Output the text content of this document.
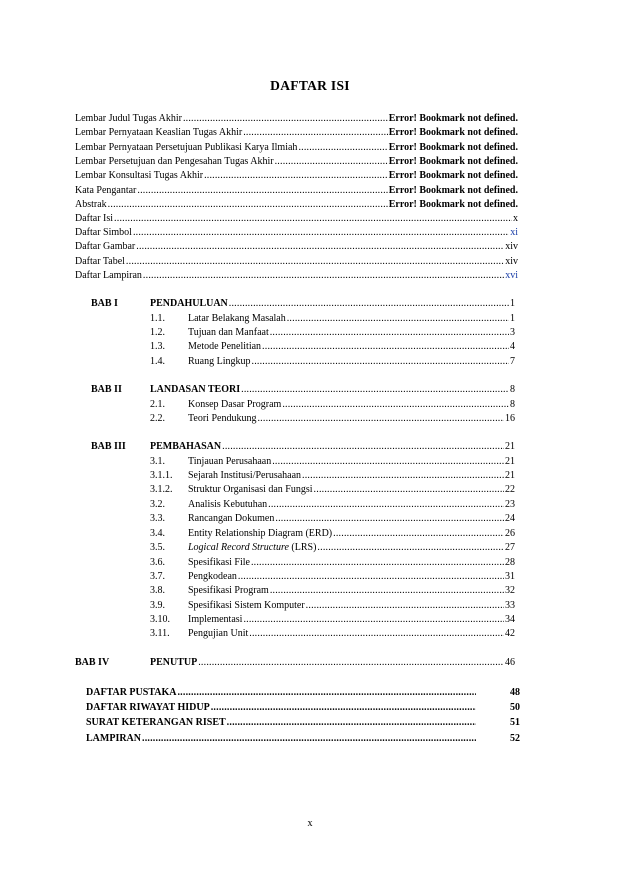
DAFTAR ISI
Lembar Judul Tugas Akhir .....	Error! Bookmark not defined.
Lembar Pernyataan Keaslian Tugas Akhir .....	Error! Bookmark not defined.
Lembar Pernyataan Persetujuan Publikasi Karya Ilmiah .....	Error! Bookmark not defined.
Lembar Persetujuan dan Pengesahan Tugas Akhir .....	Error! Bookmark not defined.
Lembar Konsultasi Tugas Akhir .....	Error! Bookmark not defined.
Kata Pengantar .....	Error! Bookmark not defined.
Abstrak .....	Error! Bookmark not defined.
Daftar Isi .....	x
Daftar Simbol .....	xi
Daftar Gambar .....	xiv
Daftar Tabel .....	xiv
Daftar Lampiran .....	xvi
BAB I	PENDAHULUAN .....	1
1.1. Latar Belakang Masalah .....	1
1.2. Tujuan dan Manfaat .....	3
1.3. Metode Penelitian .....	4
1.4. Ruang Lingkup .....	7
BAB II	LANDASAN TEORI .....	8
2.1. Konsep Dasar Program .....	8
2.2. Teori Pendukung .....	16
BAB III PEMBAHASAN .....	21
3.1. Tinjauan Perusahaan .....	21
3.1.1. Sejarah Institusi/Perusahaan .....	21
3.1.2. Struktur Organisasi dan Fungsi .....	22
3.2. Analisis Kebutuhan .....	23
3.3. Rancangan Dokumen .....	24
3.4. Entity Relationship Diagram (ERD) .....	26
3.5. Logical Record Structure (LRS) .....	27
3.6. Spesifikasi File .....	28
3.7. Pengkodean .....	31
3.8. Spesifikasi Program .....	32
3.9. Spesifikasi Sistem Komputer .....	33
3.10. Implementasi .....	34
3.11. Pengujian Unit .....	42
BAB IV	PENUTUP .....	46
DAFTAR PUSTAKA .....	48
DAFTAR RIWAYAT HIDUP .....	50
SURAT KETERANGAN RISET .....	51
LAMPIRAN .....	52
x
